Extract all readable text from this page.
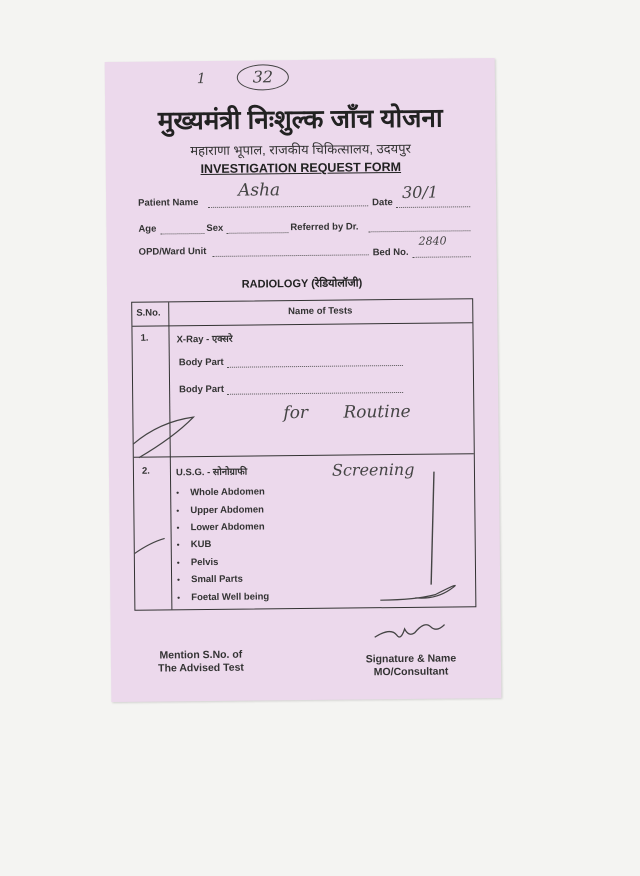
1	32
मुख्यमंत्री निःशुल्क जाँच योजना
महाराणा भूपाल, राजकीय चिकित्सालय, उदयपुर
INVESTIGATION REQUEST FORM
Patient Name
Asha
Date
30/1
Age	Sex	Referred by Dr.
OPD/Ward Unit	Bed No.
2840
RADIOLOGY (रेडियोलॉजी)
S.No.	Name of Tests
1.	X-Ray - एक्सरे
Body Part
Body Part
for Routine
2.	U.S.G. - सोनोग्राफी	Screening
• Whole Abdomen
• Upper Abdomen
• Lower Abdomen
• KUB
• Pelvis
• Small Parts
• Foetal Well being
Mention S.No. of
The Advised Test
Signature & Name
MO/Consultant
